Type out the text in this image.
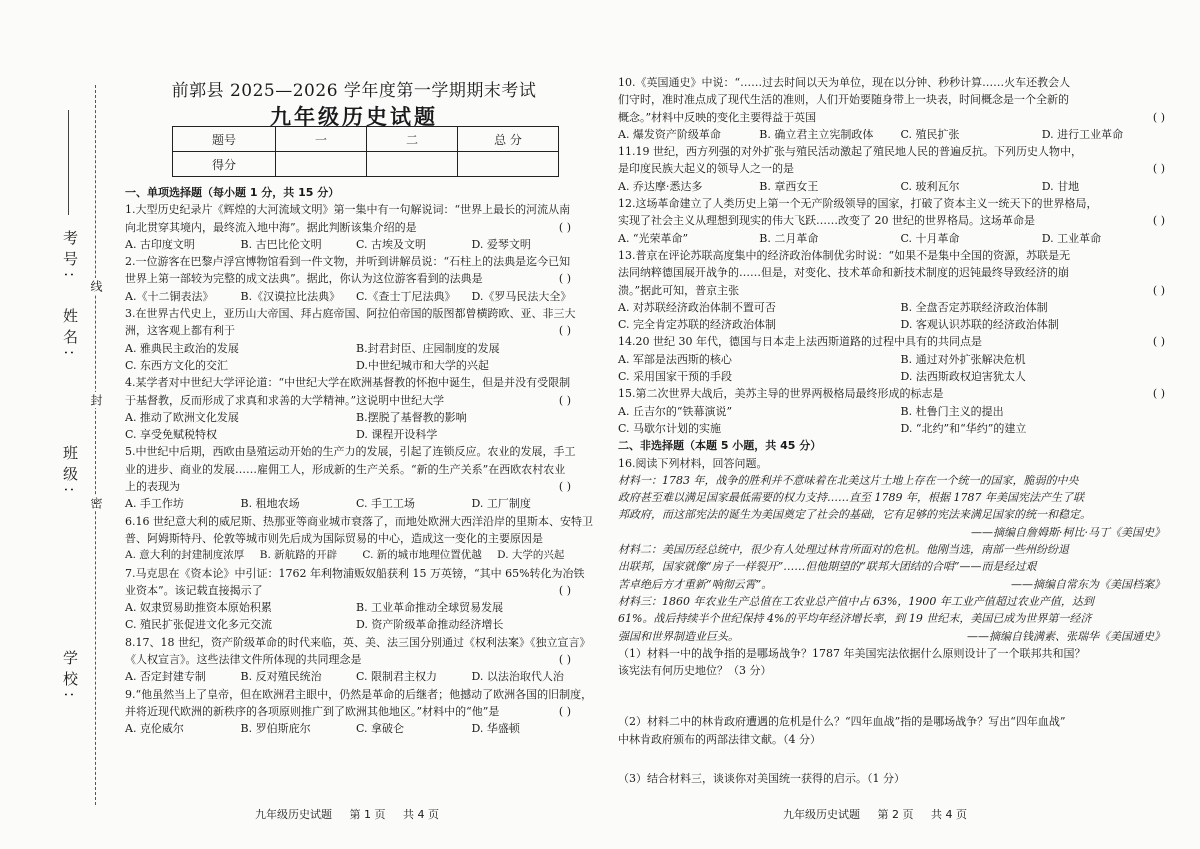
考号:
姓名:
班级:
学校:
线
封
密
前郭县 2025—2026 学年度第一学期期末考试
九年级历史试题
题号	一	二	总 分
得分			
一、单项选择题（每小题 1 分，共 15 分）
1.大型历史纪录片《辉煌的大河流域文明》第一集中有一句解说词：“世界上最长的河流从南
向北贯穿其境内，最终流入地中海”。据此判断该集介绍的是	( )
A. 古印度文明	B. 古巴比伦文明	C. 古埃及文明	D. 爱琴文明
2.一位游客在巴黎卢浮宫博物馆看到一件文物，并听到讲解员说：“石柱上的法典是迄今已知
世界上第一部较为完整的成文法典”。据此，你认为这位游客看到的法典是	( )
A.《十二铜表法》	B.《汉谟拉比法典》	C.《查士丁尼法典》	D.《罗马民法大全》
3.在世界古代史上，亚历山大帝国、拜占庭帝国、阿拉伯帝国的版图都曾横跨欧、亚、非三大
洲，这客观上都有利于	( )
A. 雅典民主政治的发展	B.封君封臣、庄园制度的发展
C. 东西方文化的交汇	D.中世纪城市和大学的兴起
4.某学者对中世纪大学评论道：“中世纪大学在欧洲基督教的怀抱中诞生，但是并没有受限制
于基督教，反而形成了求真和求善的大学精神。”这说明中世纪大学	( )
A. 推动了欧洲文化发展	B.摆脱了基督教的影响
C. 享受免赋税特权	D. 课程开设科学
5.中世纪中后期，西欧由垦殖运动开始的生产力的发展，引起了连锁反应。农业的发展，手工
业的进步、商业的发展……雇佣工人，形成新的生产关系。“新的生产关系”在西欧农村农业
上的表现为	( )
A. 手工作坊	B. 租地农场	C. 手工工场	D. 工厂制度
6.16 世纪意大利的威尼斯、热那亚等商业城市衰落了，而地处欧洲大西洋沿岸的里斯本、安特卫
普、阿姆斯特丹、伦敦等城市则先后成为国际贸易的中心，造成这一变化的主要原因是
A. 意大利的封建制度浓厚	B. 新航路的开辟	C. 新的城市地理位置优越	D. 大学的兴起
7.马克思在《资本论》中引证：1762 年利物浦贩奴船获利 15 万英镑，“其中 65%转化为冶铁
业资本”。该记载直接揭示了	( )
A. 奴隶贸易助推资本原始积累	B. 工业革命推动全球贸易发展
C. 殖民扩张促进文化多元交流	D. 资产阶级革命推动经济增长
8.17、18 世纪，资产阶级革命的时代来临，英、美、法三国分别通过《权利法案》《独立宣言》
《人权宣言》。这些法律文件所体现的共同理念是	( )
A. 否定封建专制	B. 反对殖民统治	C. 限制君主权力	D. 以法治取代人治
9.“他虽然当上了皇帝，但在欧洲君主眼中，仍然是革命的后继者；他撼动了欧洲各国的旧制度，
并将近现代欧洲的新秩序的各项原则推广到了欧洲其他地区。”材料中的“他”是	( )
A. 克伦威尔	B. 罗伯斯庇尔	C. 拿破仑	D. 华盛顿
九年级历史试题 第 1 页 共 4 页
10.《英国通史》中说：“……过去时间以天为单位，现在以分钟、秒秒计算……火车还教会人
们守时，准时准点成了现代生活的准则，人们开始要随身带上一块表，时间概念是一个全新的
概念。”材料中反映的变化主要得益于英国	( )
A. 爆发资产阶级革命	B. 确立君主立宪制政体	C. 殖民扩张	D. 进行工业革命
11.19 世纪，西方列强的对外扩张与殖民活动激起了殖民地人民的普遍反抗。下列历史人物中，
是印度民族大起义的领导人之一的是	( )
A. 乔达摩·悉达多	B. 章西女王	C. 玻利瓦尔	D. 甘地
12.这场革命建立了人类历史上第一个无产阶级领导的国家，打破了资本主义一统天下的世界格局，
实现了社会主义从理想到现实的伟大飞跃……改变了 20 世纪的世界格局。这场革命是	( )
A. “光荣革命”	B. 二月革命	C. 十月革命	D. 工业革命
13.普京在评论苏联高度集中的经济政治体制优劣时说：“如果不是集中全国的资源，苏联是无
法同纳粹德国展开战争的……但是，对变化、技术革命和新技术制度的迟钝最终导致经济的崩
溃。”据此可知，普京主张	( )
A. 对苏联经济政治体制不置可否	B. 全盘否定苏联经济政治体制
C. 完全肯定苏联的经济政治体制	D. 客观认识苏联的经济政治体制
14.20 世纪 30 年代，德国与日本走上法西斯道路的过程中具有的共同点是	( )
A. 军部是法西斯的核心	B. 通过对外扩张解决危机
C. 采用国家干预的手段	D. 法西斯政权迫害犹太人
15.第二次世界大战后，美苏主导的世界两极格局最终形成的标志是	( )
A. 丘吉尔的“铁幕演说”	B. 杜鲁门主义的提出
C. 马歇尔计划的实施	D. “北约”和“华约”的建立
二、非选择题（本题 5 小题，共 45 分）
16.阅读下列材料，回答问题。
材料一：1783 年，战争的胜利并不意味着在北美这片土地上存在一个统一的国家，脆弱的中央
政府甚至难以满足国家最低需要的权力支持……直至 1789 年，根据 1787 年美国宪法产生了联
邦政府，而这部宪法的诞生为美国奠定了社会的基础，它有足够的宪法来满足国家的统一和稳定。
——摘编自詹姆斯·柯比·马丁《美国史》
材料二：美国历经总统中，很少有人处理过林肯所面对的危机。他刚当选，南部一些州纷纷退
出联邦，国家就像“房子一样裂开”……但他期望的“联邦大团结的合唱”——而是经过艰
苦卓绝后方才重新“响彻云霄”。	——摘编自常东为《美国档案》
材料三：1860 年农业生产总值在工农业总产值中占 63%，1900 年工业产值超过农业产值，达到
61%。战后持续半个世纪保持 4%的平均年经济增长率，到 19 世纪末，美国已成为世界第一经济
强国和世界制造业巨头。	——摘编自钱满素、张瑞华《美国通史》
（1）材料一中的战争指的是哪场战争？1787 年美国宪法依据什么原则设计了一个联邦共和国？
该宪法有何历史地位？（3 分）
（2）材料二中的林肯政府遭遇的危机是什么？“四年血战”指的是哪场战争？写出“四年血战”
中林肯政府颁布的两部法律文献。（4 分）
（3）结合材料三，谈谈你对美国统一获得的启示。（1 分）
九年级历史试题 第 2 页 共 4 页
